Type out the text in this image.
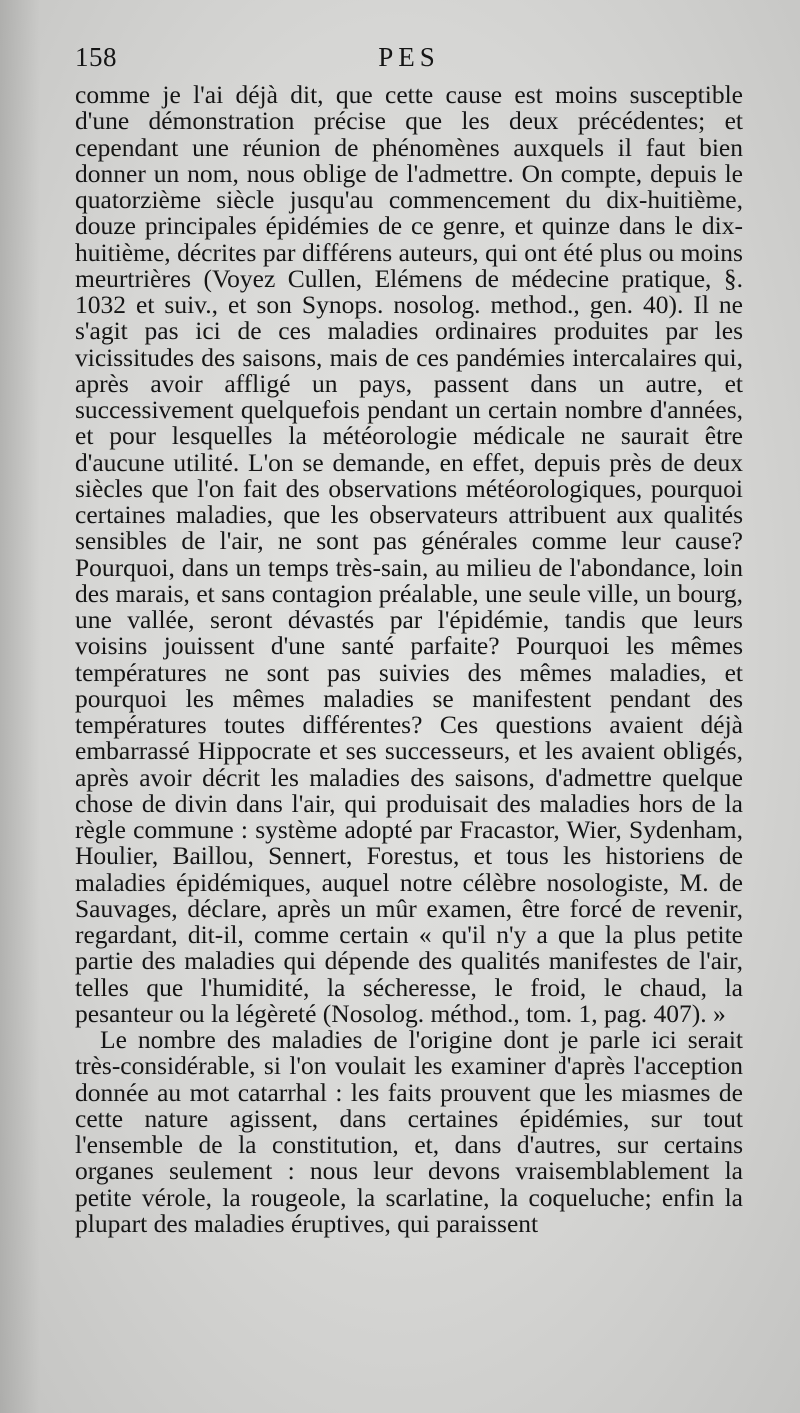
158	PES

comme je l'ai déjà dit, que cette cause est moins susceptible d'une démonstration précise que les deux précédentes; et cependant une réunion de phénomènes auxquels il faut bien donner un nom, nous oblige de l'admettre. On compte, depuis le quatorzième siècle jusqu'au commencement du dix-huitième, douze principales épidémies de ce genre, et quinze dans le dix-huitième, décrites par différens auteurs, qui ont été plus ou moins meurtrières (Voyez Cullen, Elémens de médecine pratique, §. 1032 et suiv., et son Synops. nosolog. method., gen. 40). Il ne s'agit pas ici de ces maladies ordinaires produites par les vicissitudes des saisons, mais de ces pandémies intercalaires qui, après avoir affligé un pays, passent dans un autre, et successivement quelquefois pendant un certain nombre d'années, et pour lesquelles la météorologie médicale ne saurait être d'aucune utilité. L'on se demande, en effet, depuis près de deux siècles que l'on fait des observations météorologiques, pourquoi certaines maladies, que les observateurs attribuent aux qualités sensibles de l'air, ne sont pas générales comme leur cause? Pourquoi, dans un temps très-sain, au milieu de l'abondance, loin des marais, et sans contagion préalable, une seule ville, un bourg, une vallée, seront dévastés par l'épidémie, tandis que leurs voisins jouissent d'une santé parfaite? Pourquoi les mêmes températures ne sont pas suivies des mêmes maladies, et pourquoi les mêmes maladies se manifestent pendant des températures toutes différentes? Ces questions avaient déjà embarrassé Hippocrate et ses successeurs, et les avaient obligés, après avoir décrit les maladies des saisons, d'admettre quelque chose de divin dans l'air, qui produisait des maladies hors de la règle commune : système adopté par Fracastor, Wier, Sydenham, Houlier, Baillou, Sennert, Forestus, et tous les historiens de maladies épidémiques, auquel notre célèbre nosologiste, M. de Sauvages, déclare, après un mûr examen, être forcé de revenir, regardant, dit-il, comme certain « qu'il n'y a que la plus petite partie des maladies qui dépende des qualités manifestes de l'air, telles que l'humidité, la sécheresse, le froid, le chaud, la pesanteur ou la légèreté (Nosolog. méthod., tom. 1, pag. 407). »

Le nombre des maladies de l'origine dont je parle ici serait très-considérable, si l'on voulait les examiner d'après l'acception donnée au mot catarrhal : les faits prouvent que les miasmes de cette nature agissent, dans certaines épidémies, sur tout l'ensemble de la constitution, et, dans d'autres, sur certains organes seulement : nous leur devons vraisemblablement la petite vérole, la rougeole, la scarlatine, la coqueluche; enfin la plupart des maladies éruptives, qui paraissent
